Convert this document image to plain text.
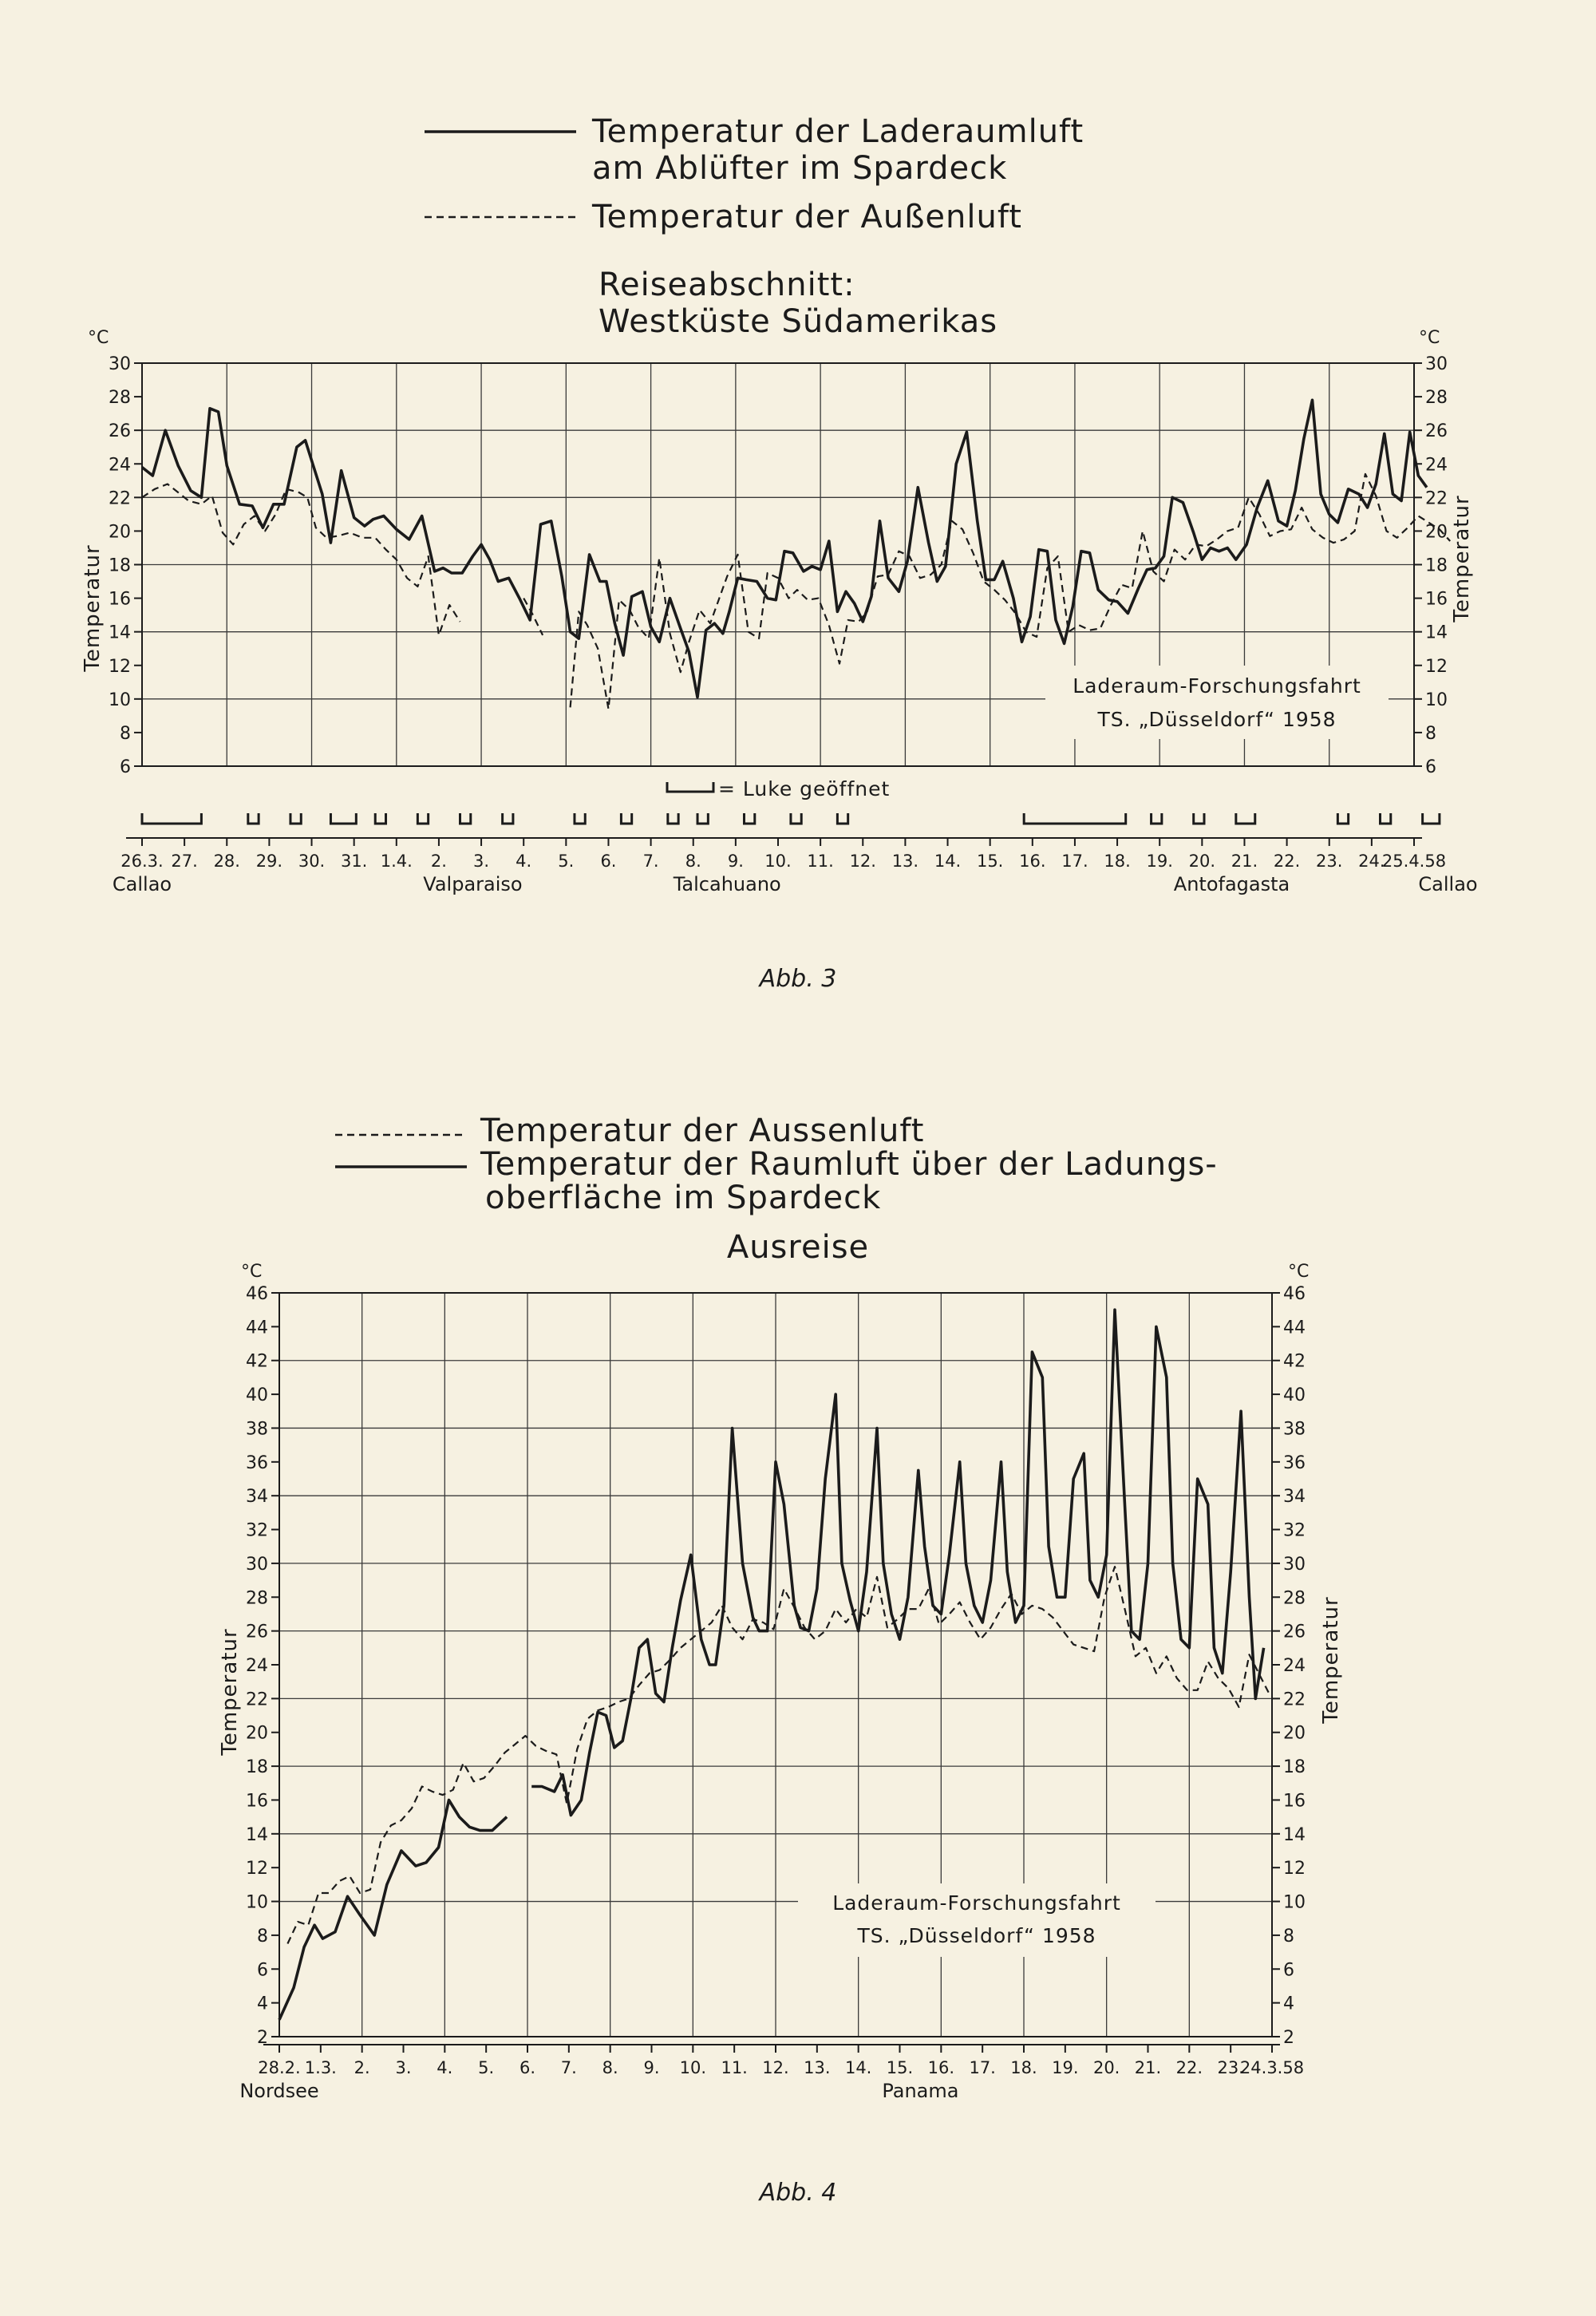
Temperatur der Laderaumluft
am Ablüfter im Spardeck
Temperatur der Außenluft
Reiseabschnitt:
Westküste Südamerikas
°C	°C
Temperatur	Temperatur
6	6
8	8
10	10
12	12
14	14
16	16
18	18
20	20
22	22
24	24
26	26
28	28
30	30
26.3. 27. 28. 29. 30. 31. 1.4. 2. 3. 4. 5. 6. 7. 8. 9. 10. 11. 12. 13. 14. 15. 16. 17. 18. 19. 20. 21. 22. 23. 24.
25.4.58
Callao	Valparaiso	Talcahuano	Antofagasta	Callao
Laderaum-Forschungsfahrt
TS. „Düsseldorf“ 1958
= Luke geöffnet
Abb. 3
Temperatur der Aussenluft
Temperatur der Raumluft über der Ladungs-
oberfläche im Spardeck
Ausreise
°C	°C
Temperatur	Temperatur
2	2
4	4
6	6
8	8
10	10
12	12
14	14
16	16
18	18
20	20
22	22
24	24
26	26
28	28
30	30
32	32
34	34
36	36
38	38
40	40
42	42
44	44
46	46
28.2. 1.3. 2. 3. 4. 5. 6. 7. 8. 9. 10. 11. 12. 13. 14. 15. 16. 17. 18. 19. 20. 21. 22. 23.
24.3.58
Nordsee	Panama
Laderaum-Forschungsfahrt
TS. „Düsseldorf“ 1958
Abb. 4
